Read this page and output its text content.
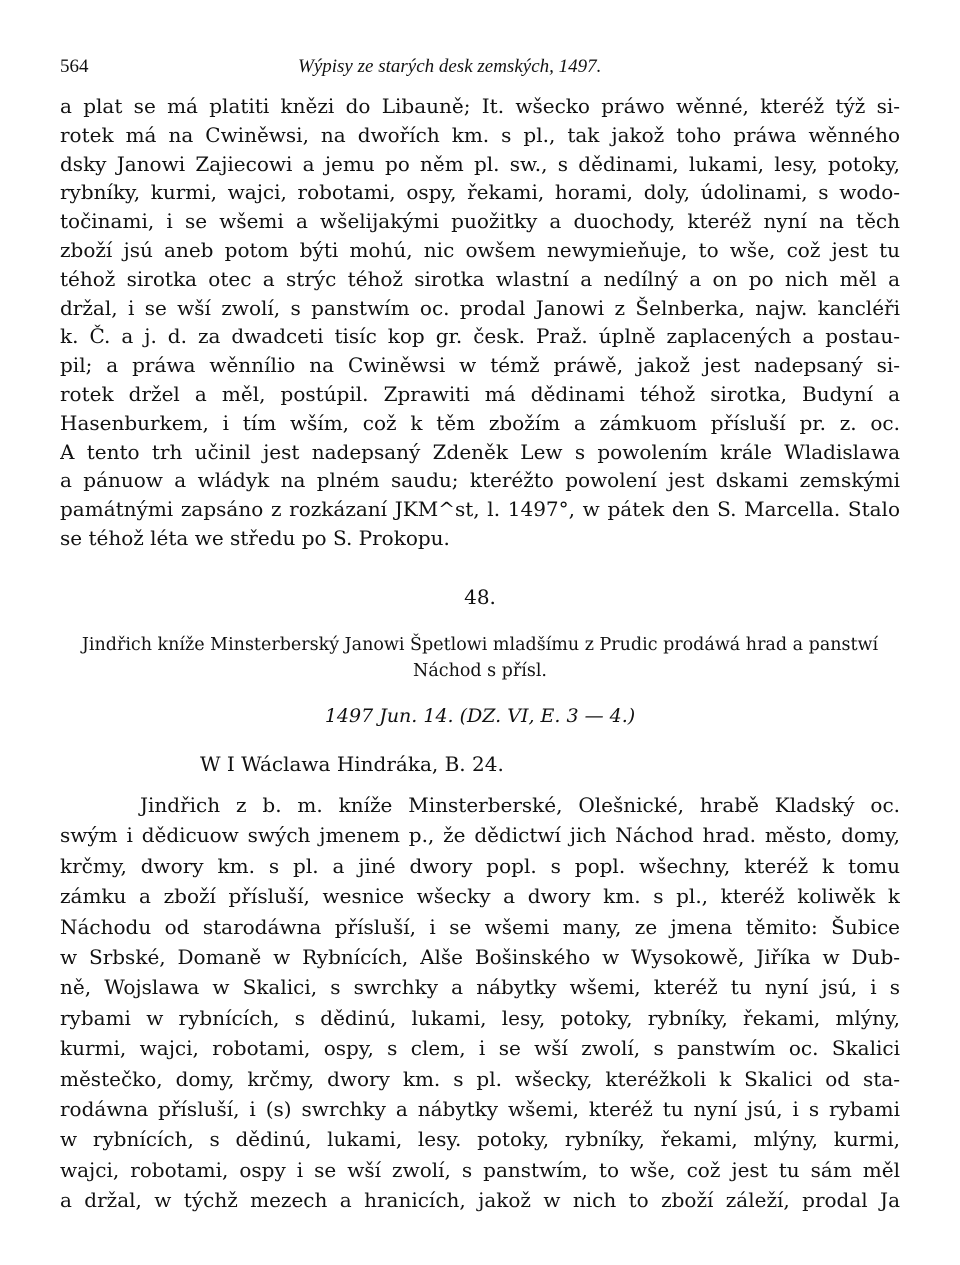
564	Wýpisy ze starých desk zemských, 1497.
a plat se má platiti knězi do Libauně; It. wšecko práwo wěnné, kteréž týž si-
rotek má na Cwiněwsi, na dwořích km. s pl., tak jakož toho práwa wěnného
dsky Janowi Zajiecowi a jemu po něm pl. sw., s dědinami, lukami, lesy, potoky,
rybníky, kurmi, wajci, robotami, ospy, řekami, horami, doly, údolinami, s wodo-
točinami, i se wšemi a wšelijakými puožitky a duochody, kteréž nyní na těch
zboží jsú aneb potom býti mohú, nic owšem newymieňuje, to wše, což jest tu
téhož sirotka otec a strýc téhož sirotka wlastní a nedílný a on po nich měl a
držal, i se wší zwolí, s panstwím oc. prodal Janowi z Šelnberka, najw. kancléři
k. Č. a j. d. za dwadceti tisíc kop gr. česk. Praž. úplně zaplacených a postau-
pil; a práwa wěnnílio na Cwiněwsi w témž práwě, jakož jest nadepsaný si-
rotek držel a měl, postúpil. Zprawiti má dědinami téhož sirotka, Budyní a
Hasenburkem, i tím wším, což k těm zbožím a zámkuom přísluší pr. z. oc.
A tento trh učinil jest nadepsaný Zdeněk Lew s powolením krále Wladislawa
a pánuow a wládyk na plném saudu; kteréžto powolení jest dskami zemskými
památnými zapsáno z rozkázaní JKM^st, l. 1497°, w pátek den S. Marcella. Stalo
se téhož léta we středu po S. Prokopu.
48.
Jindřich kníže Minsterberský Janowi Špetlowi mladšímu z Prudic prodáwá hrad a panstwí
Náchod s přísl.
1497 Jun. 14. (DZ. VI, E. 3 — 4.)
W I Wáclawa Hindráka, B. 24.
Jindřich z b. m. kníže Minsterberské, Olešnické, hrabě Kladský oc.
swým i dědicuow swých jmenem p., že dědictwí jich Náchod hrad. město, domy,
krčmy, dwory km. s pl. a jiné dwory popl. s popl. wšechny, kteréž k tomu
zámku a zboží přísluší, wesnice wšecky a dwory km. s pl., kteréž koliwěk k
Náchodu od starodáwna přísluší, i se wšemi many, ze jmena těmito: Šubice
w Srbské, Domaně w Rybnících, Alše Bošinského w Wysokowě, Jiříka w Dub-
ně, Wojslawa w Skalici, s swrchky a nábytky wšemi, kteréž tu nyní jsú, i s
rybami w rybnících, s dědinú, lukami, lesy, potoky, rybníky, řekami, mlýny,
kurmi, wajci, robotami, ospy, s clem, i se wší zwolí, s panstwím oc. Skalici
městečko, domy, krčmy, dwory km. s pl. wšecky, kteréžkoli k Skalici od sta-
rodáwna přísluší, i (s) swrchky a nábytky wšemi, kteréž tu nyní jsú, i s rybami
w rybnících, s dědinú, lukami, lesy. potoky, rybníky, řekami, mlýny, kurmi,
wajci, robotami, ospy i se wší zwolí, s panstwím, to wše, což jest tu sám měl
a držal, w týchž mezech a hranicích, jakož w nich to zboží záleží, prodal Ja
